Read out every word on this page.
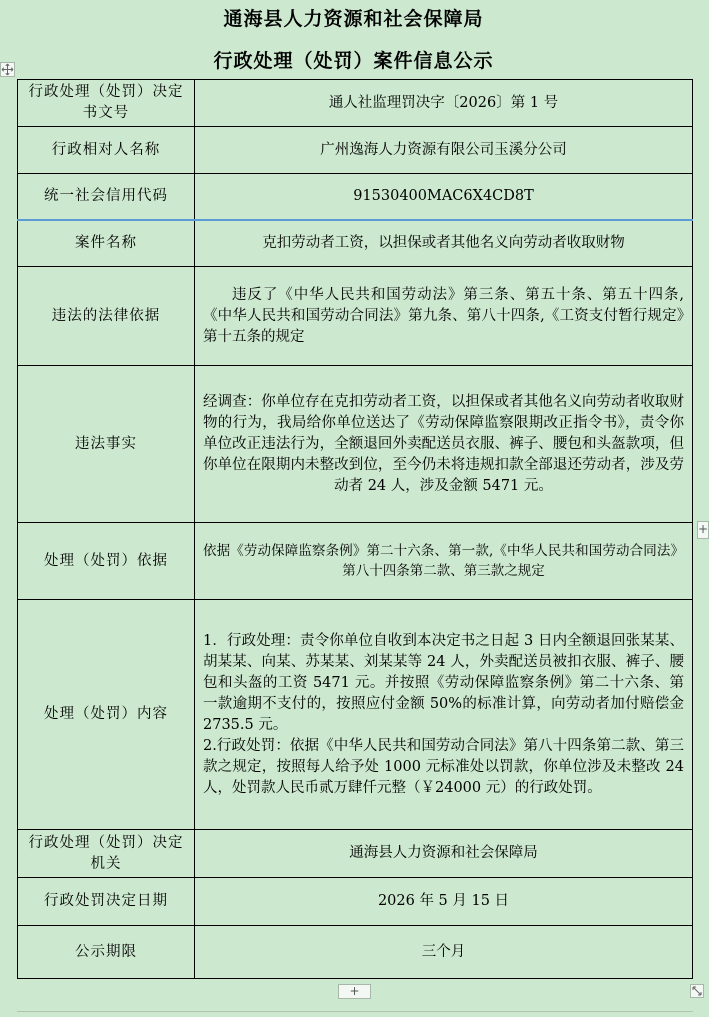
通海县人力资源和社会保障局
行政处理（处罚）案件信息公示
行政处理（处罚）决定书文号	通人社监理罚决字〔2026〕第 1 号
行政相对人名称	广州逸海人力资源有限公司玉溪分公司
统一社会信用代码	91530400MAC6X4CD8T
案件名称	克扣劳动者工资，以担保或者其他名义向劳动者收取财物
违法的法律依据	违反了《中华人民共和国劳动法》第三条、第五十条、第五十四条,《中华人民共和国劳动合同法》第九条、第八十四条,《工资支付暂行规定》第十五条的规定
违法事实	经调查：你单位存在克扣劳动者工资，以担保或者其他名义向劳动者收取财物的行为，我局给你单位送达了《劳动保障监察限期改正指令书》，责令你单位改正违法行为，全额退回外卖配送员衣服、裤子、腰包和头盔款项，但你单位在限期内未整改到位，至今仍未将违规扣款全部退还劳动者，涉及劳动者 24 人，涉及金额 5471 元。
处理（处罚）依据	依据《劳动保障监察条例》第二十六条、第一款,《中华人民共和国劳动合同法》第八十四条第二款、第三款之规定
处理（处罚）内容	1．行政处理：责令你单位自收到本决定书之日起 3 日内全额退回张某某、胡某某、向某、苏某某、刘某某等 24 人，外卖配送员被扣衣服、裤子、腰包和头盔的工资 5471 元。并按照《劳动保障监察条例》第二十六条、第一款逾期不支付的，按照应付金额 50%的标准计算，向劳动者加付赔偿金 2735.5 元。
2.行政处罚：依据《中华人民共和国劳动合同法》第八十四条第二款、第三款之规定，按照每人给予处 1000 元标准处以罚款，你单位涉及未整改 24 人，处罚款人民币贰万肆仟元整（￥24000 元）的行政处罚。

行政处理（处罚）决定机关	通海县人力资源和社会保障局
行政处罚决定日期	2026 年 5 月 15 日
公示期限	三个月
+
+
